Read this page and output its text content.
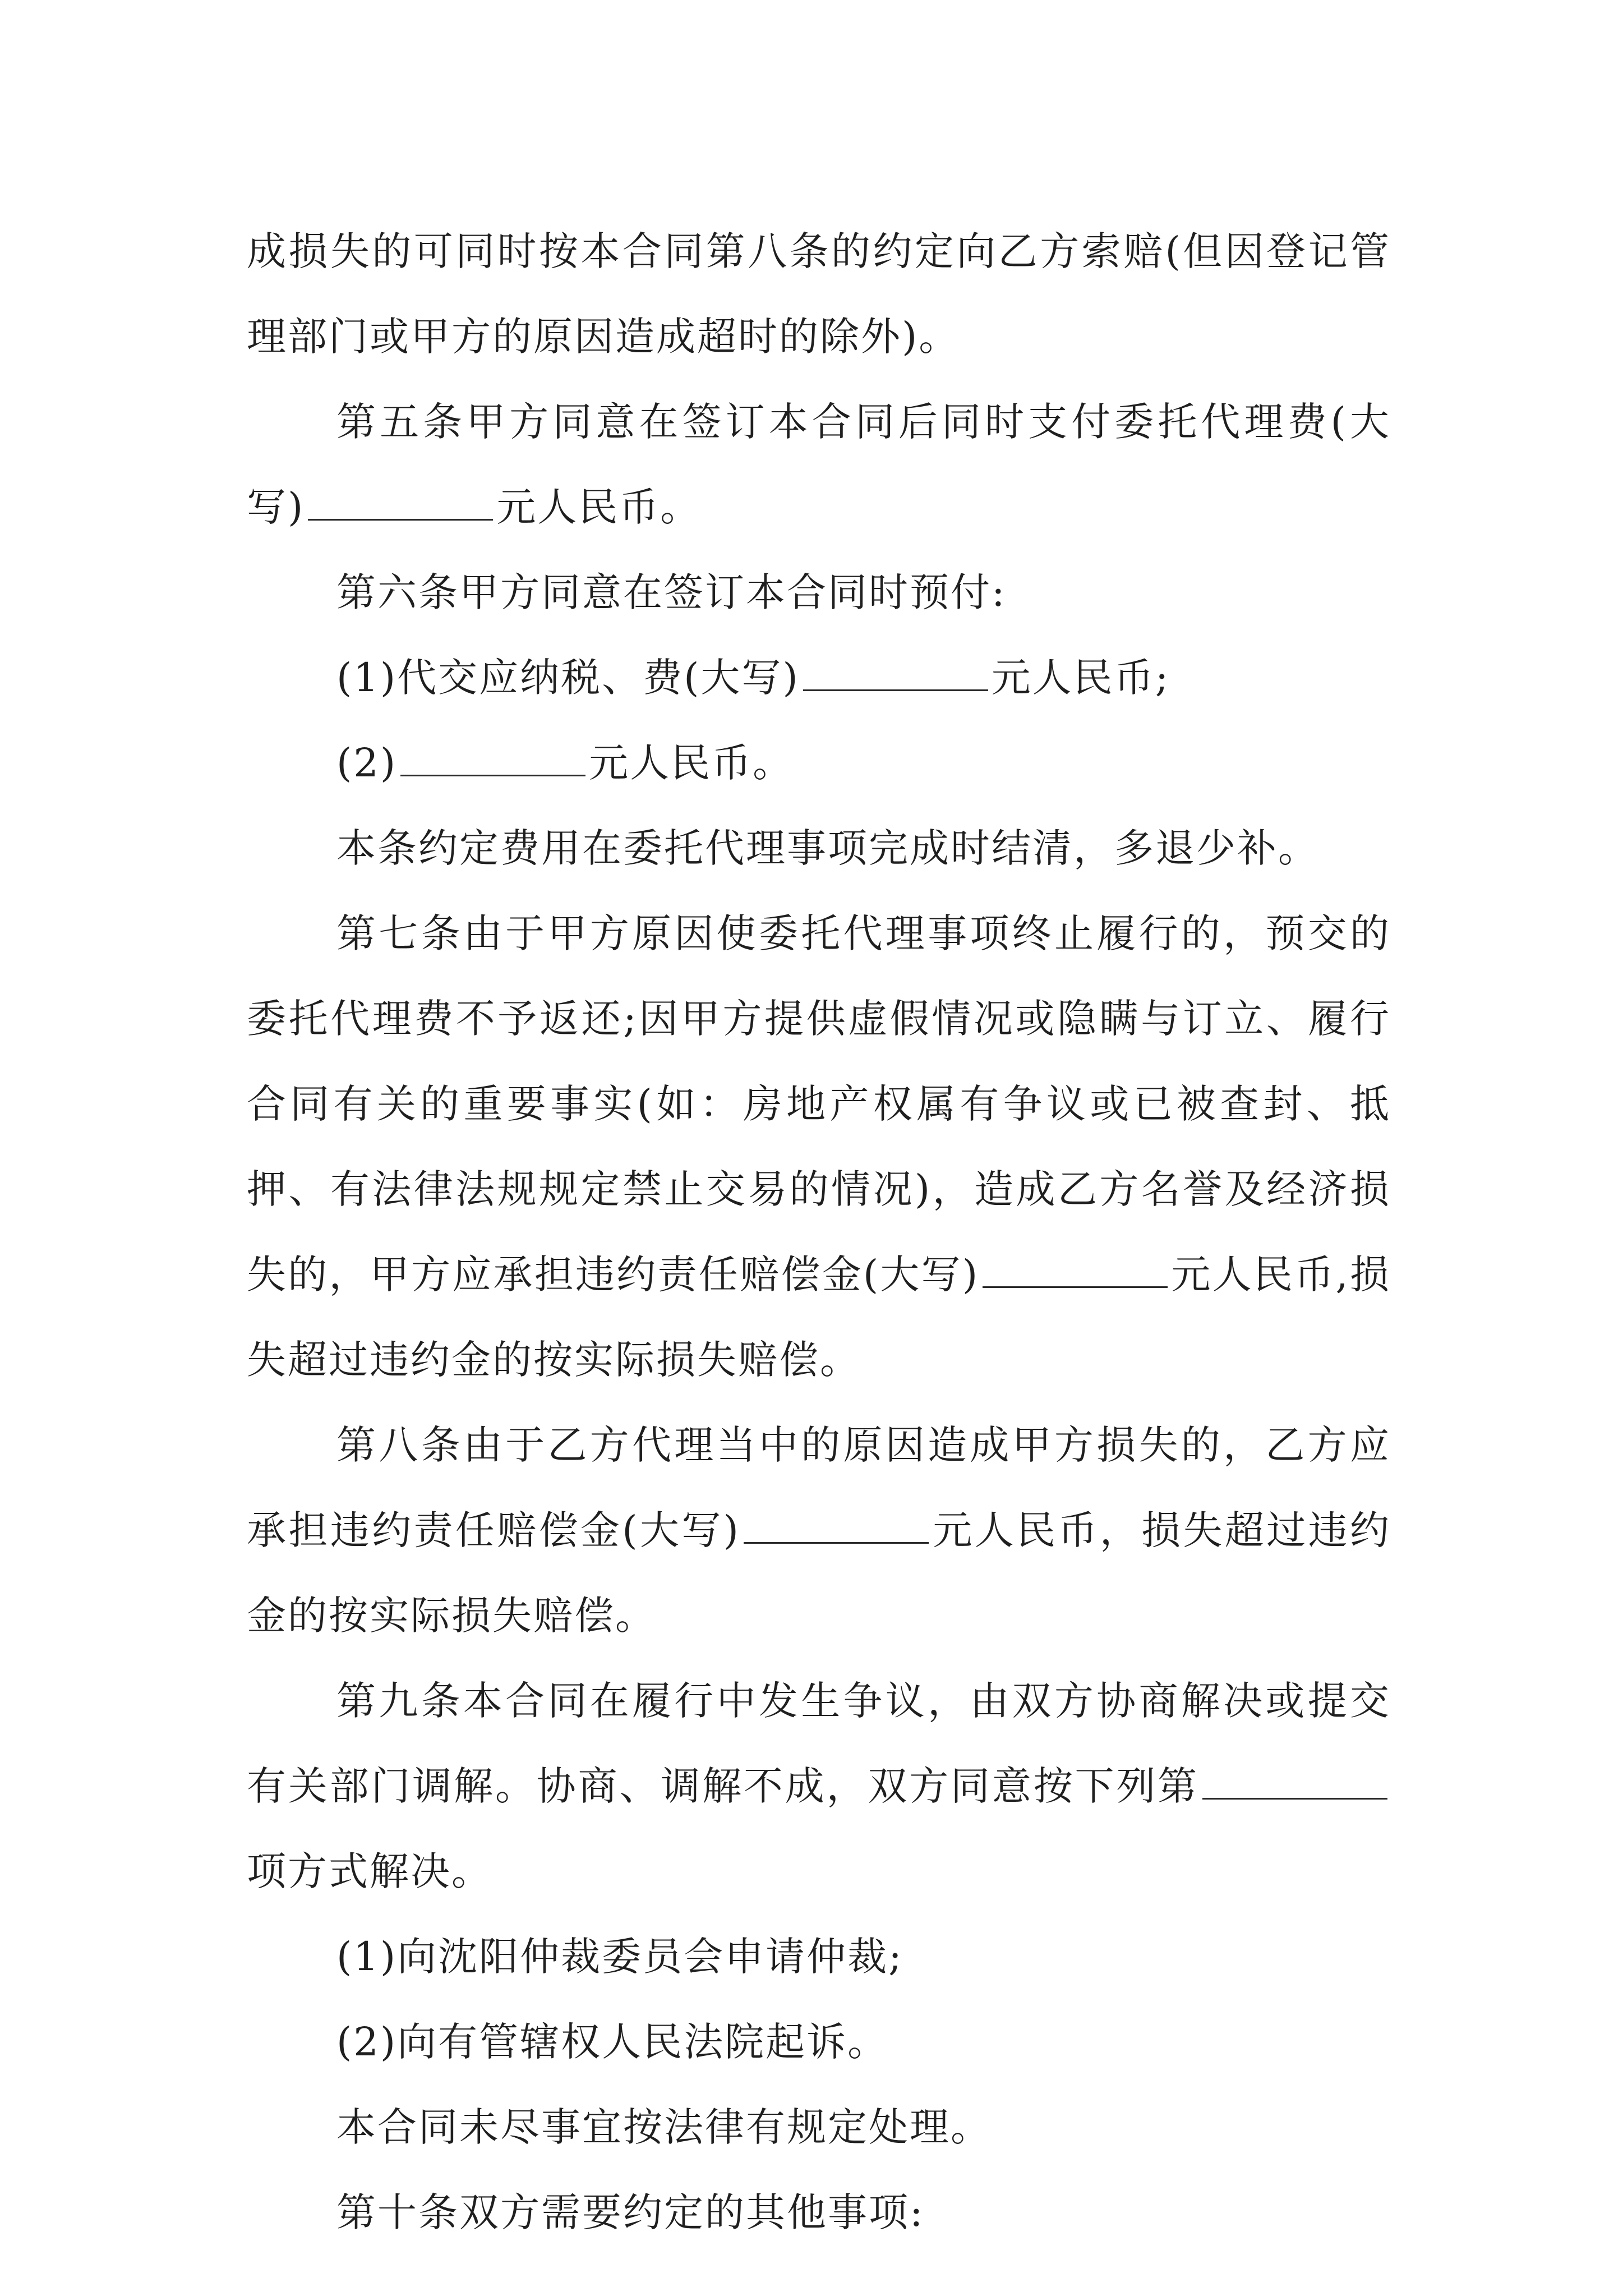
成损失的可同时按本合同第八条的约定向乙方索赔(但因登记管理部门或甲方的原因造成超时的除外)。

第五条甲方同意在签订本合同后同时支付委托代理费(大写)	元人民币。

第六条甲方同意在签订本合同时预付:

(1)代交应纳税、费(大写)	元人民币;

(2)	元人民币。

本条约定费用在委托代理事项完成时结清，多退少补。

第七条由于甲方原因使委托代理事项终止履行的，预交的委托代理费不予返还;因甲方提供虚假情况或隐瞒与订立、履行合同有关的重要事实(如：房地产权属有争议或已被查封、抵押、有法律法规规定禁止交易的情况)，造成乙方名誉及经济损失的，甲方应承担违约责任赔偿金(大写)	元人民币,损失超过违约金的按实际损失赔偿。

第八条由于乙方代理当中的原因造成甲方损失的，乙方应承担违约责任赔偿金(大写)	元人民币，损失超过违约金的按实际损失赔偿。

第九条本合同在履行中发生争议，由双方协商解决或提交有关部门调解。协商、调解不成，双方同意按下列第项方式解决。

(1)向沈阳仲裁委员会申请仲裁;

(2)向有管辖权人民法院起诉。

本合同未尽事宜按法律有规定处理。

第十条双方需要约定的其他事项:
